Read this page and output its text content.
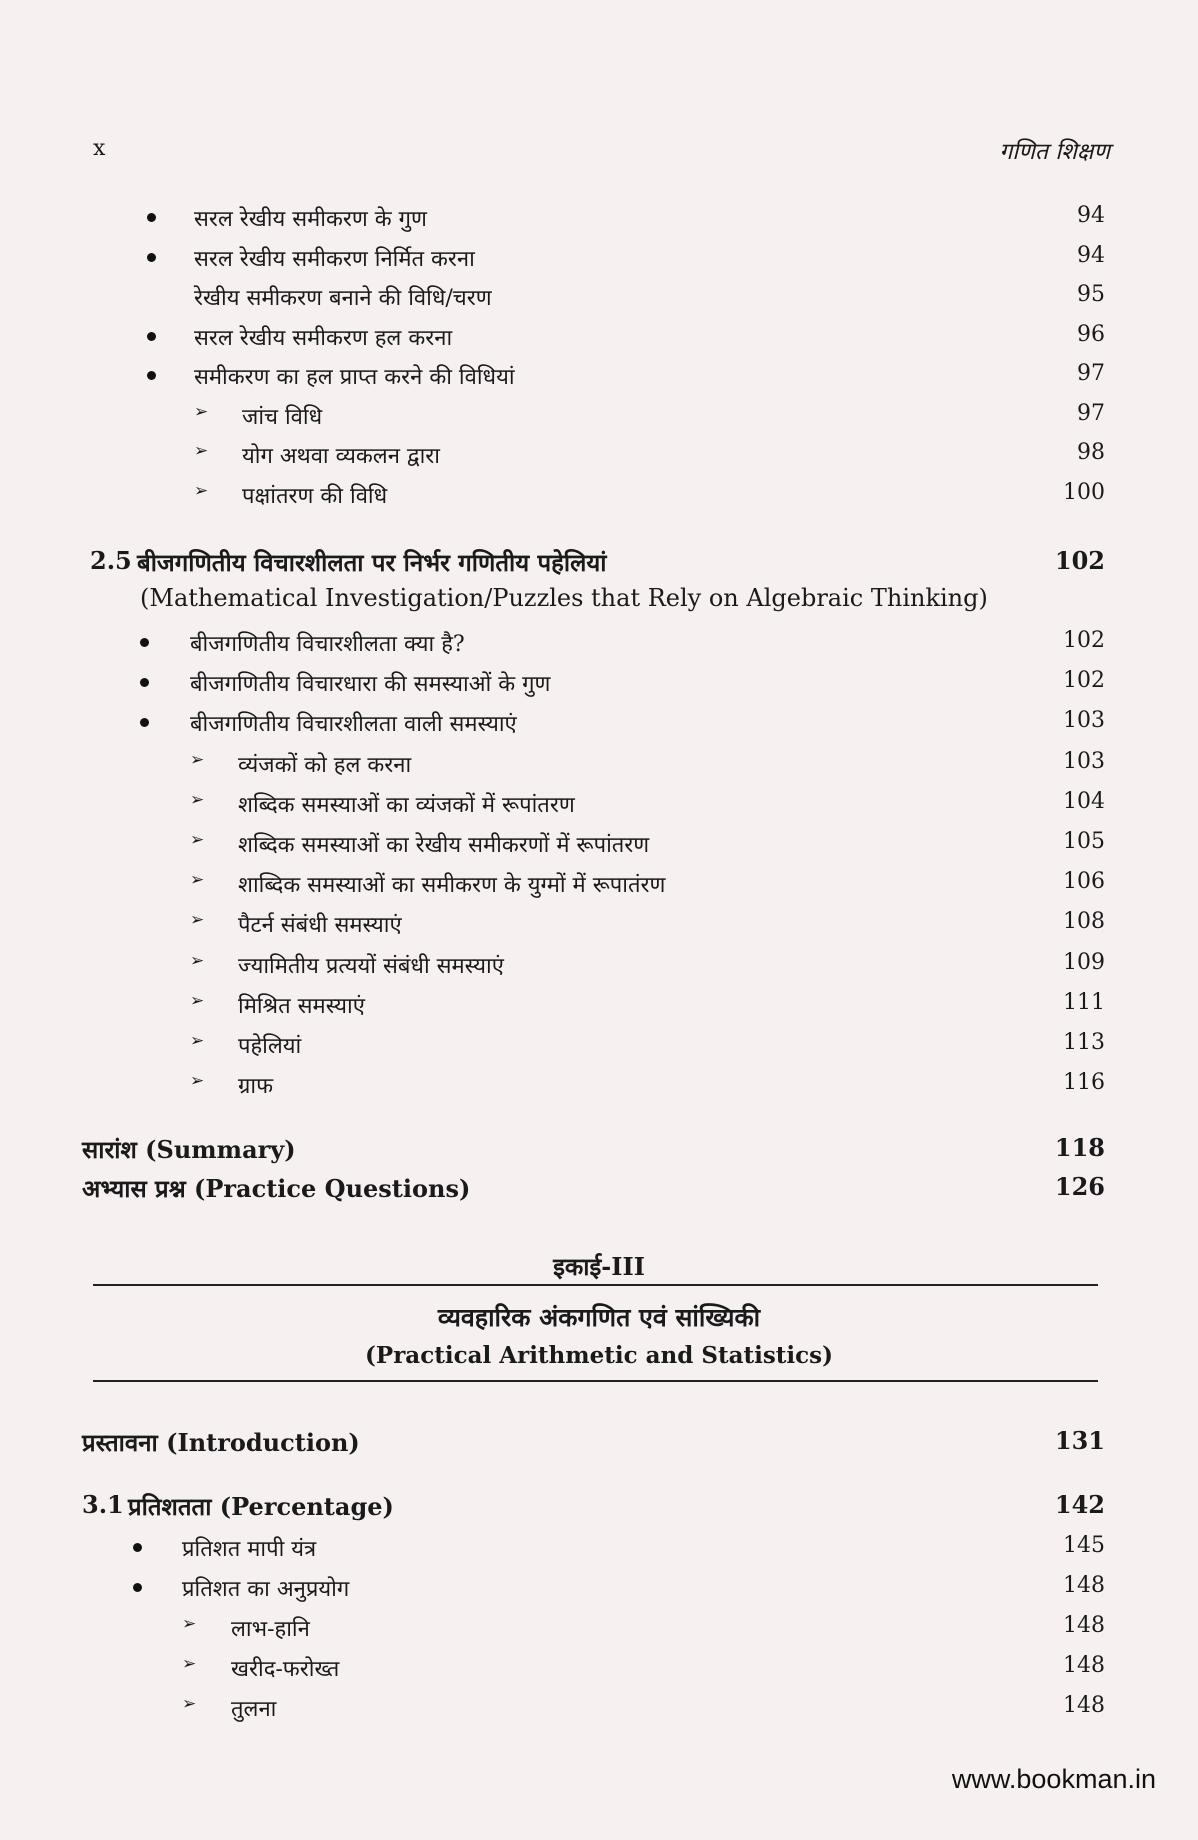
x	गणित शिक्षण
सरल रेखीय समीकरण के गुण	94
सरल रेखीय समीकरण निर्मित करना	94
रेखीय समीकरण बनाने की विधि/चरण	95
सरल रेखीय समीकरण हल करना	96
समीकरण का हल प्राप्त करने की विधियां	97
➢ जांच विधि	97
➢ योग अथवा व्यकलन द्वारा	98
➢ पक्षांतरण की विधि	100
2.5 बीजगणितीय विचारशीलता पर निर्भर गणितीय पहेलियां	102
(Mathematical Investigation/Puzzles that Rely on Algebraic Thinking)
बीजगणितीय विचारशीलता क्या है?	102
बीजगणितीय विचारधारा की समस्याओं के गुण	102
बीजगणितीय विचारशीलता वाली समस्याएं	103
➢ व्यंजकों को हल करना	103
➢ शब्दिक समस्याओं का व्यंजकों में रूपांतरण	104
➢ शब्दिक समस्याओं का रेखीय समीकरणों में रूपांतरण	105
➢ शाब्दिक समस्याओं का समीकरण के युग्मों में रूपातंरण	106
➢ पैटर्न संबंधी समस्याएं	108
➢ ज्यामितीय प्रत्ययों संबंधी समस्याएं	109
➢ मिश्रित समस्याएं	111
➢ पहेलियां	113
➢ ग्राफ	116
सारांश (Summary)	118
अभ्यास प्रश्न (Practice Questions)	126
इकाई-III
व्यवहारिक अंकगणित एवं सांख्यिकी
(Practical Arithmetic and Statistics)
प्रस्तावना (Introduction)	131
3.1 प्रतिशतता (Percentage)	142
प्रतिशत मापी यंत्र	145
प्रतिशत का अनुप्रयोग	148
➢ लाभ-हानि	148
➢ खरीद-फरोख्त	148
➢ तुलना	148
www.bookman.in
